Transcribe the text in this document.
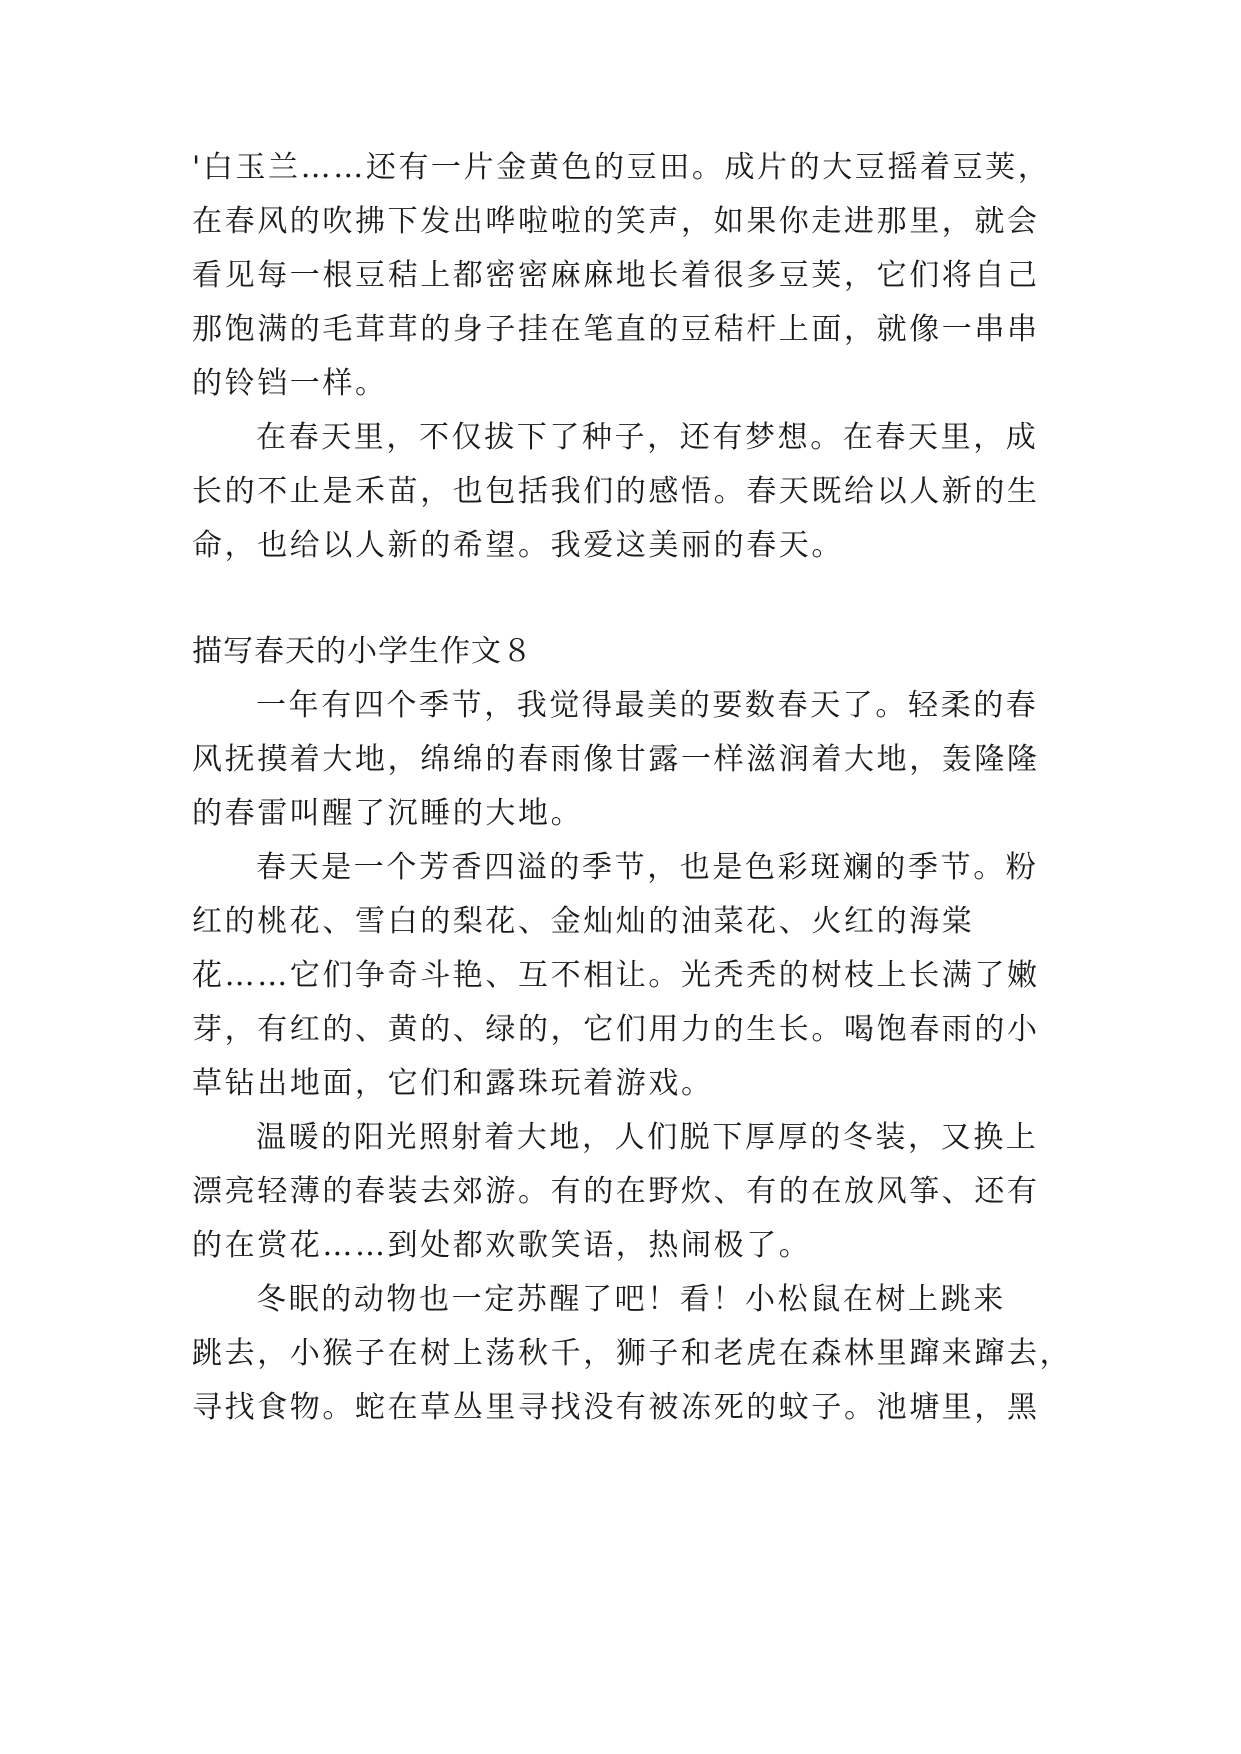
'白玉兰……还有一片金黄色的豆田。成片的大豆摇着豆荚，
在春风的吹拂下发出哗啦啦的笑声，如果你走进那里，就会
看见每一根豆秸上都密密麻麻地长着很多豆荚，它们将自己
那饱满的毛茸茸的身子挂在笔直的豆秸杆上面，就像一串串
的铃铛一样。
在春天里，不仅拔下了种子，还有梦想。在春天里，成
长的不止是禾苗，也包括我们的感悟。春天既给以人新的生
命，也给以人新的希望。我爱这美丽的春天。
描写春天的小学生作文８
一年有四个季节，我觉得最美的要数春天了。轻柔的春
风抚摸着大地，绵绵的春雨像甘露一样滋润着大地，轰隆隆
的春雷叫醒了沉睡的大地。
春天是一个芳香四溢的季节，也是色彩斑斓的季节。粉
红的桃花、雪白的梨花、金灿灿的油菜花、火红的海棠
花……它们争奇斗艳、互不相让。光秃秃的树枝上长满了嫩
芽，有红的、黄的、绿的，它们用力的生长。喝饱春雨的小
草钻出地面，它们和露珠玩着游戏。
温暖的阳光照射着大地，人们脱下厚厚的冬装，又换上
漂亮轻薄的春装去郊游。有的在野炊、有的在放风筝、还有
的在赏花……到处都欢歌笑语，热闹极了。
冬眠的动物也一定苏醒了吧！看！小松鼠在树上跳来
跳去，小猴子在树上荡秋千，狮子和老虎在森林里蹿来蹿去，
寻找食物。蛇在草丛里寻找没有被冻死的蚊子。池塘里，黑
